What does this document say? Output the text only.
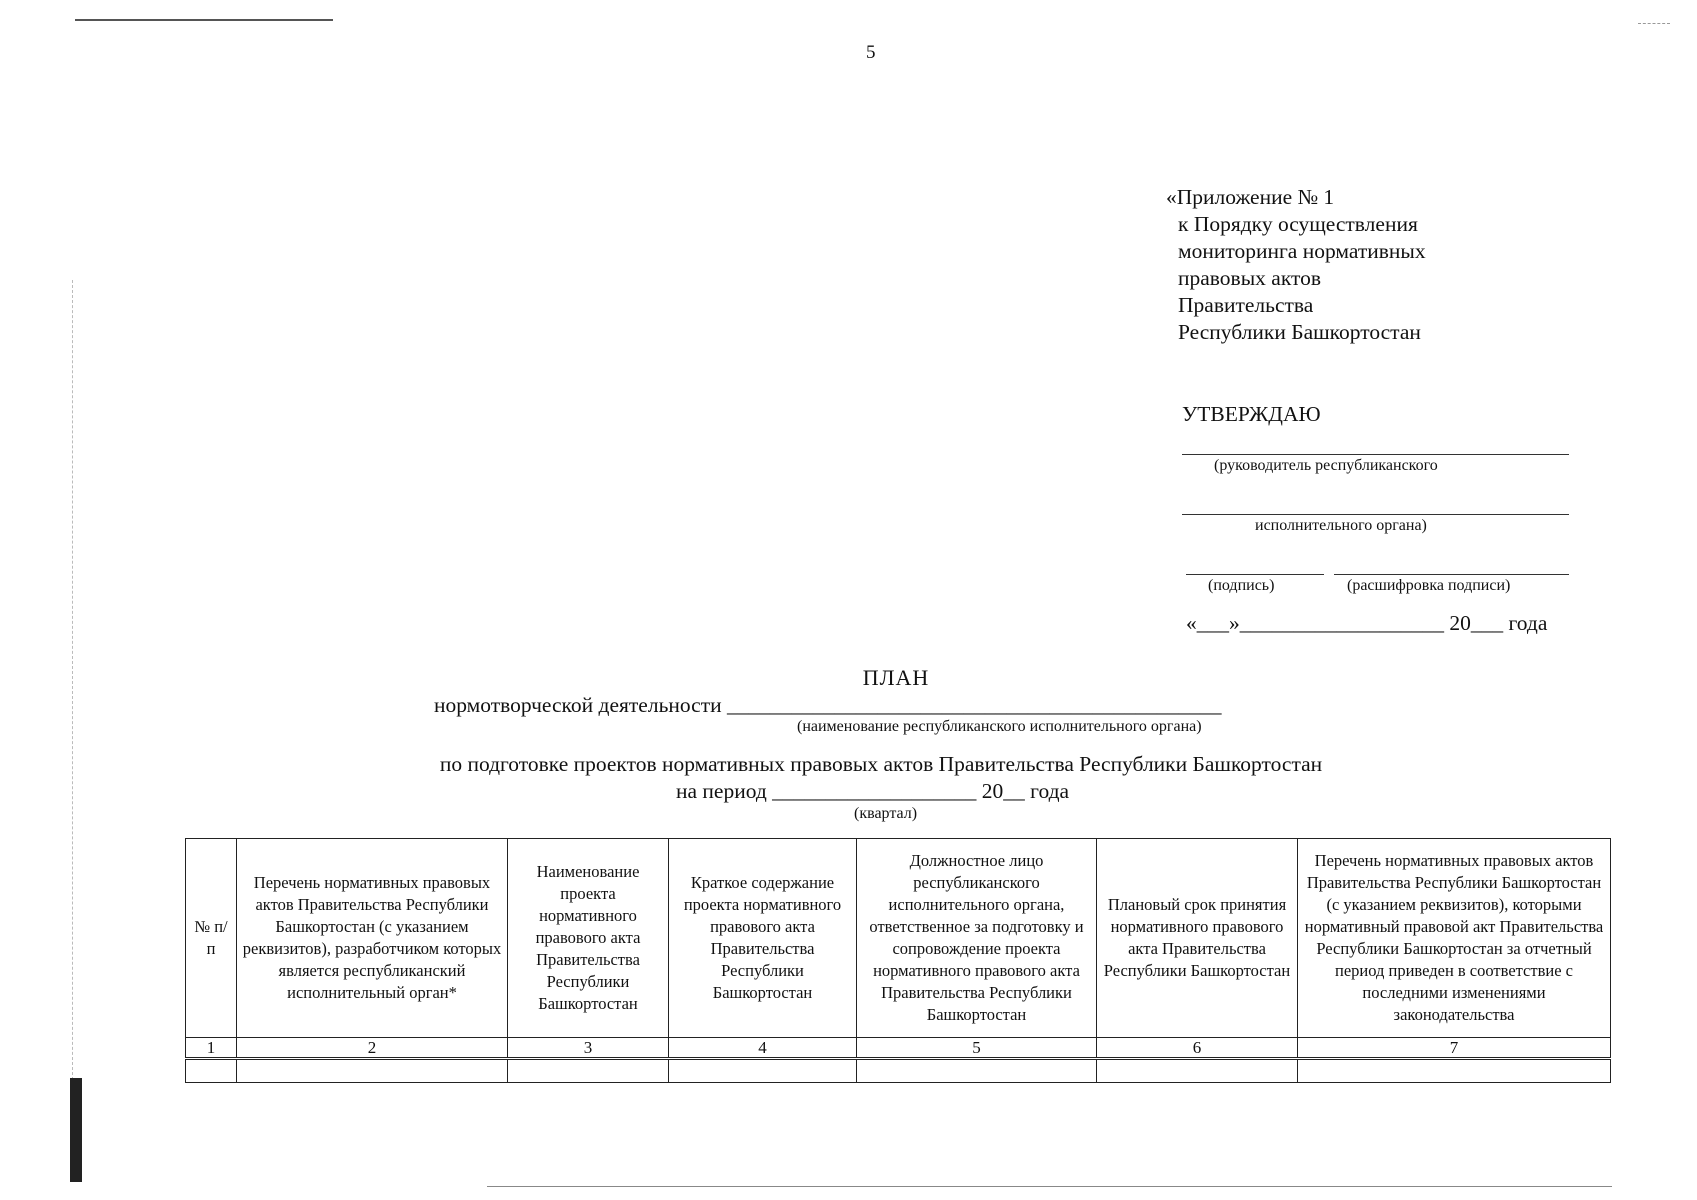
5
«Приложение № 1
к Порядку осуществления
мониторинга нормативных
правовых актов
Правительства
Республики Башкортостан
УТВЕРЖДАЮ
(руководитель республиканского
исполнительного органа)
(подпись)	(расшифровка подписи)
«___»___________________ 20___ года
ПЛАН
нормотворческой деятельности ______________________________________________
(наименование республиканского исполнительного органа)
по подготовке проектов нормативных правовых актов Правительства Республики Башкортостан
на период ___________________ 20__ года
(квартал)
№ п/п	Перечень нормативных правовых актов Правительства Республики Башкортостан (с указанием реквизитов), разработчиком которых является республиканский исполнительный орган*	Наименование проекта нормативного правового акта Правительства Республики Башкортостан	Краткое содержание проекта нормативного правового акта Правительства Республики Башкортостан	Должностное лицо республиканского исполнительного органа, ответственное за подготовку и сопровождение проекта нормативного правового акта Правительства Республики Башкортостан	Плановый срок принятия нормативного правового акта Правительства Республики Башкортостан	Перечень нормативных правовых актов Правительства Республики Башкортостан (с указанием реквизитов), которыми нормативный правовой акт Правительства Республики Башкортостан за отчетный период приведен в соответствие с последними изменениями законодательства
1	2	3	4	5	6	7
